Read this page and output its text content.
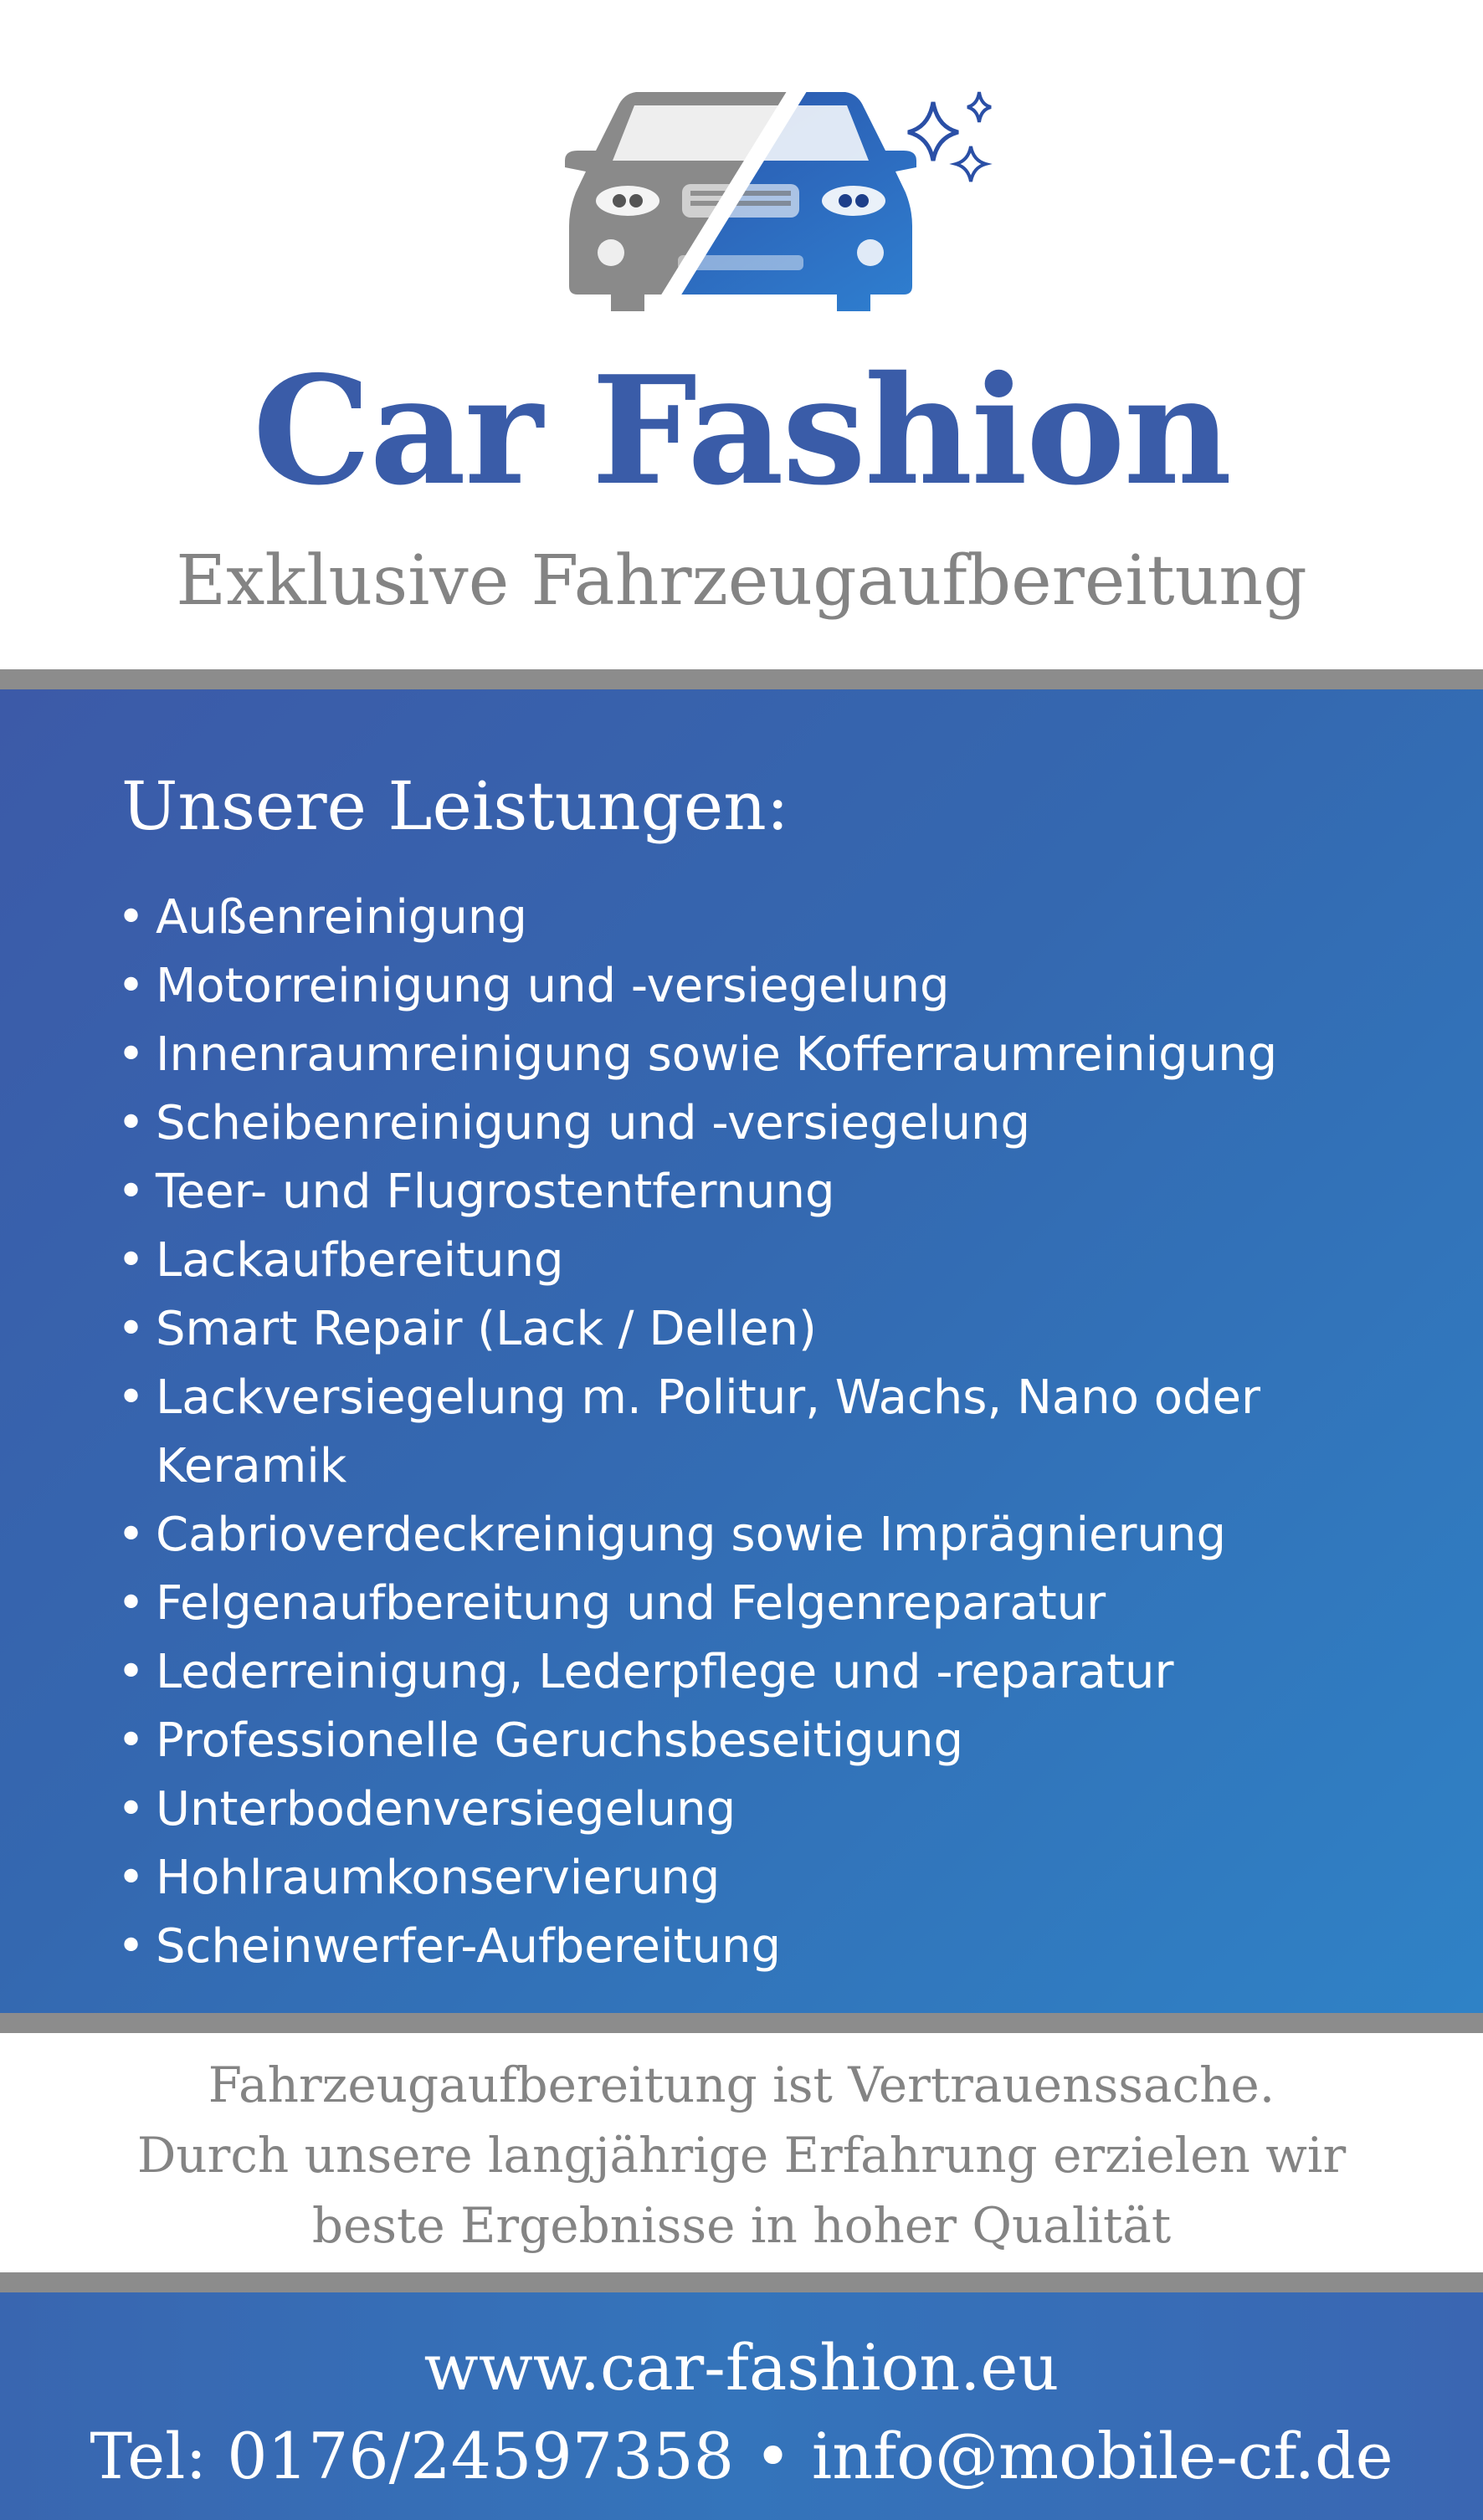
Car Fashion
Exklusive Fahrzeugaufbereitung
Unsere Leistungen:
• Außenreinigung
• Motorreinigung und -versiegelung
• Innenraumreinigung sowie Kofferraumreinigung
• Scheibenreinigung und -versiegelung
• Teer- und Flugrostentfernung
• Lackaufbereitung
• Smart Repair (Lack / Dellen)
• Lackversiegelung m. Politur, Wachs, Nano oder Keramik
• Cabrioverdeckreinigung sowie Imprägnierung
• Felgenaufbereitung und Felgenreparatur
• Lederreinigung, Lederpflege und -reparatur
• Professionelle Geruchsbeseitigung
• Unterbodenversiegelung
• Hohlraumkonservierung
• Scheinwerfer-Aufbereitung
Fahrzeugaufbereitung ist Vertrauenssache.
Durch unsere langjährige Erfahrung erzielen wir
beste Ergebnisse in hoher Qualität
www.car-fashion.eu
Tel: 0176/24597358 • info@mobile-cf.de
